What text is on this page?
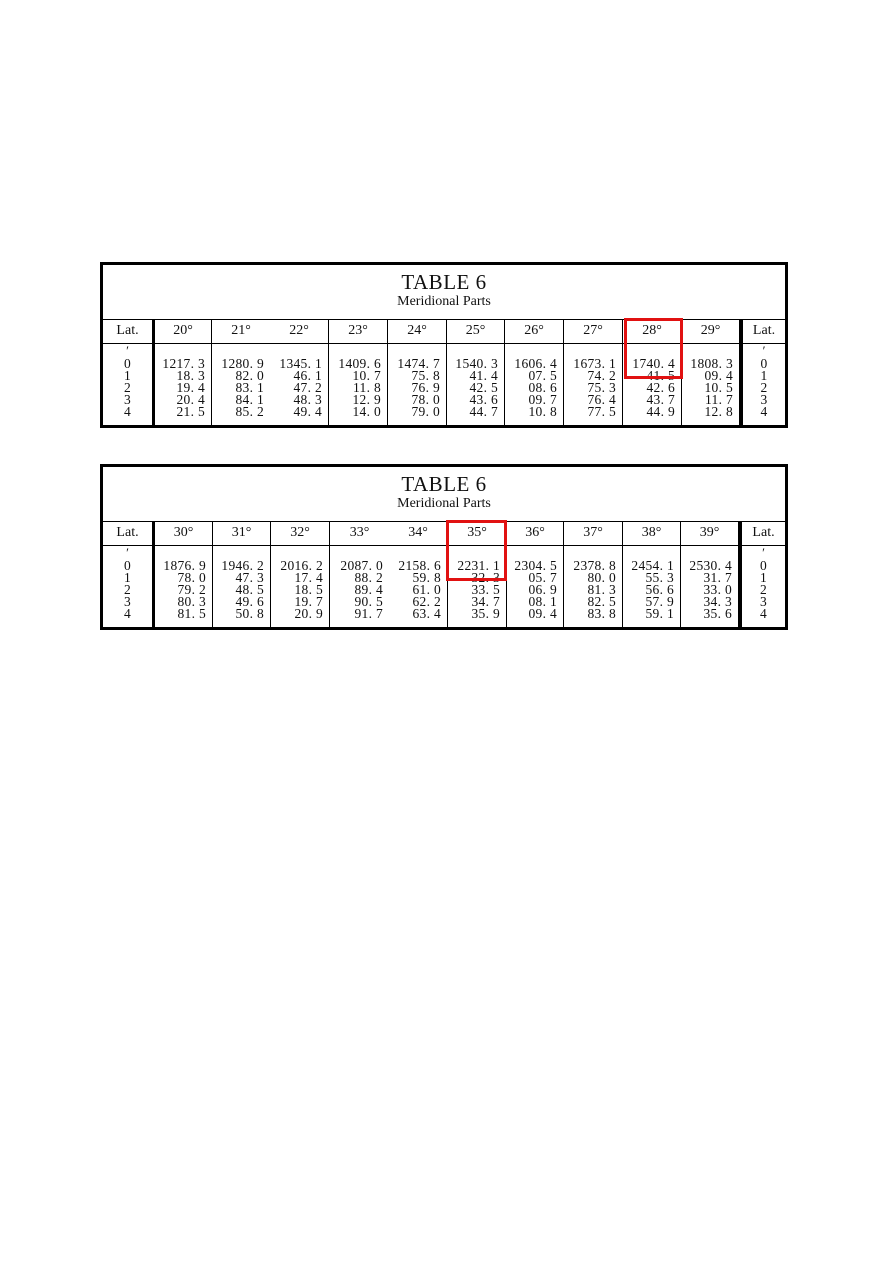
TABLE 6
Meridional Parts
Lat.
′
0
1
2
3
4
20°
1217. 3
18. 3
19. 4
20. 4
21. 5
21°
1280. 9
82. 0
83. 1
84. 1
85. 2
22°
1345. 1
46. 1
47. 2
48. 3
49. 4
23°
1409. 6
10. 7
11. 8
12. 9
14. 0
24°
1474. 7
75. 8
76. 9
78. 0
79. 0
25°
1540. 3
41. 4
42. 5
43. 6
44. 7
26°
1606. 4
07. 5
08. 6
09. 7
10. 8
27°
1673. 1
74. 2
75. 3
76. 4
77. 5
28°
1740. 4
41. 5
42. 6
43. 7
44. 9
29°
1808. 3
09. 4
10. 5
11. 7
12. 8
Lat.
′
0
1
2
3
4
TABLE 6
Meridional Parts
Lat.
′
0
1
2
3
4
30°
1876. 9
78. 0
79. 2
80. 3
81. 5
31°
1946. 2
47. 3
48. 5
49. 6
50. 8
32°
2016. 2
17. 4
18. 5
19. 7
20. 9
33°
2087. 0
88. 2
89. 4
90. 5
91. 7
34°
2158. 6
59. 8
61. 0
62. 2
63. 4
35°
2231. 1
32. 3
33. 5
34. 7
35. 9
36°
2304. 5
05. 7
06. 9
08. 1
09. 4
37°
2378. 8
80. 0
81. 3
82. 5
83. 8
38°
2454. 1
55. 3
56. 6
57. 9
59. 1
39°
2530. 4
31. 7
33. 0
34. 3
35. 6
Lat.
′
0
1
2
3
4
